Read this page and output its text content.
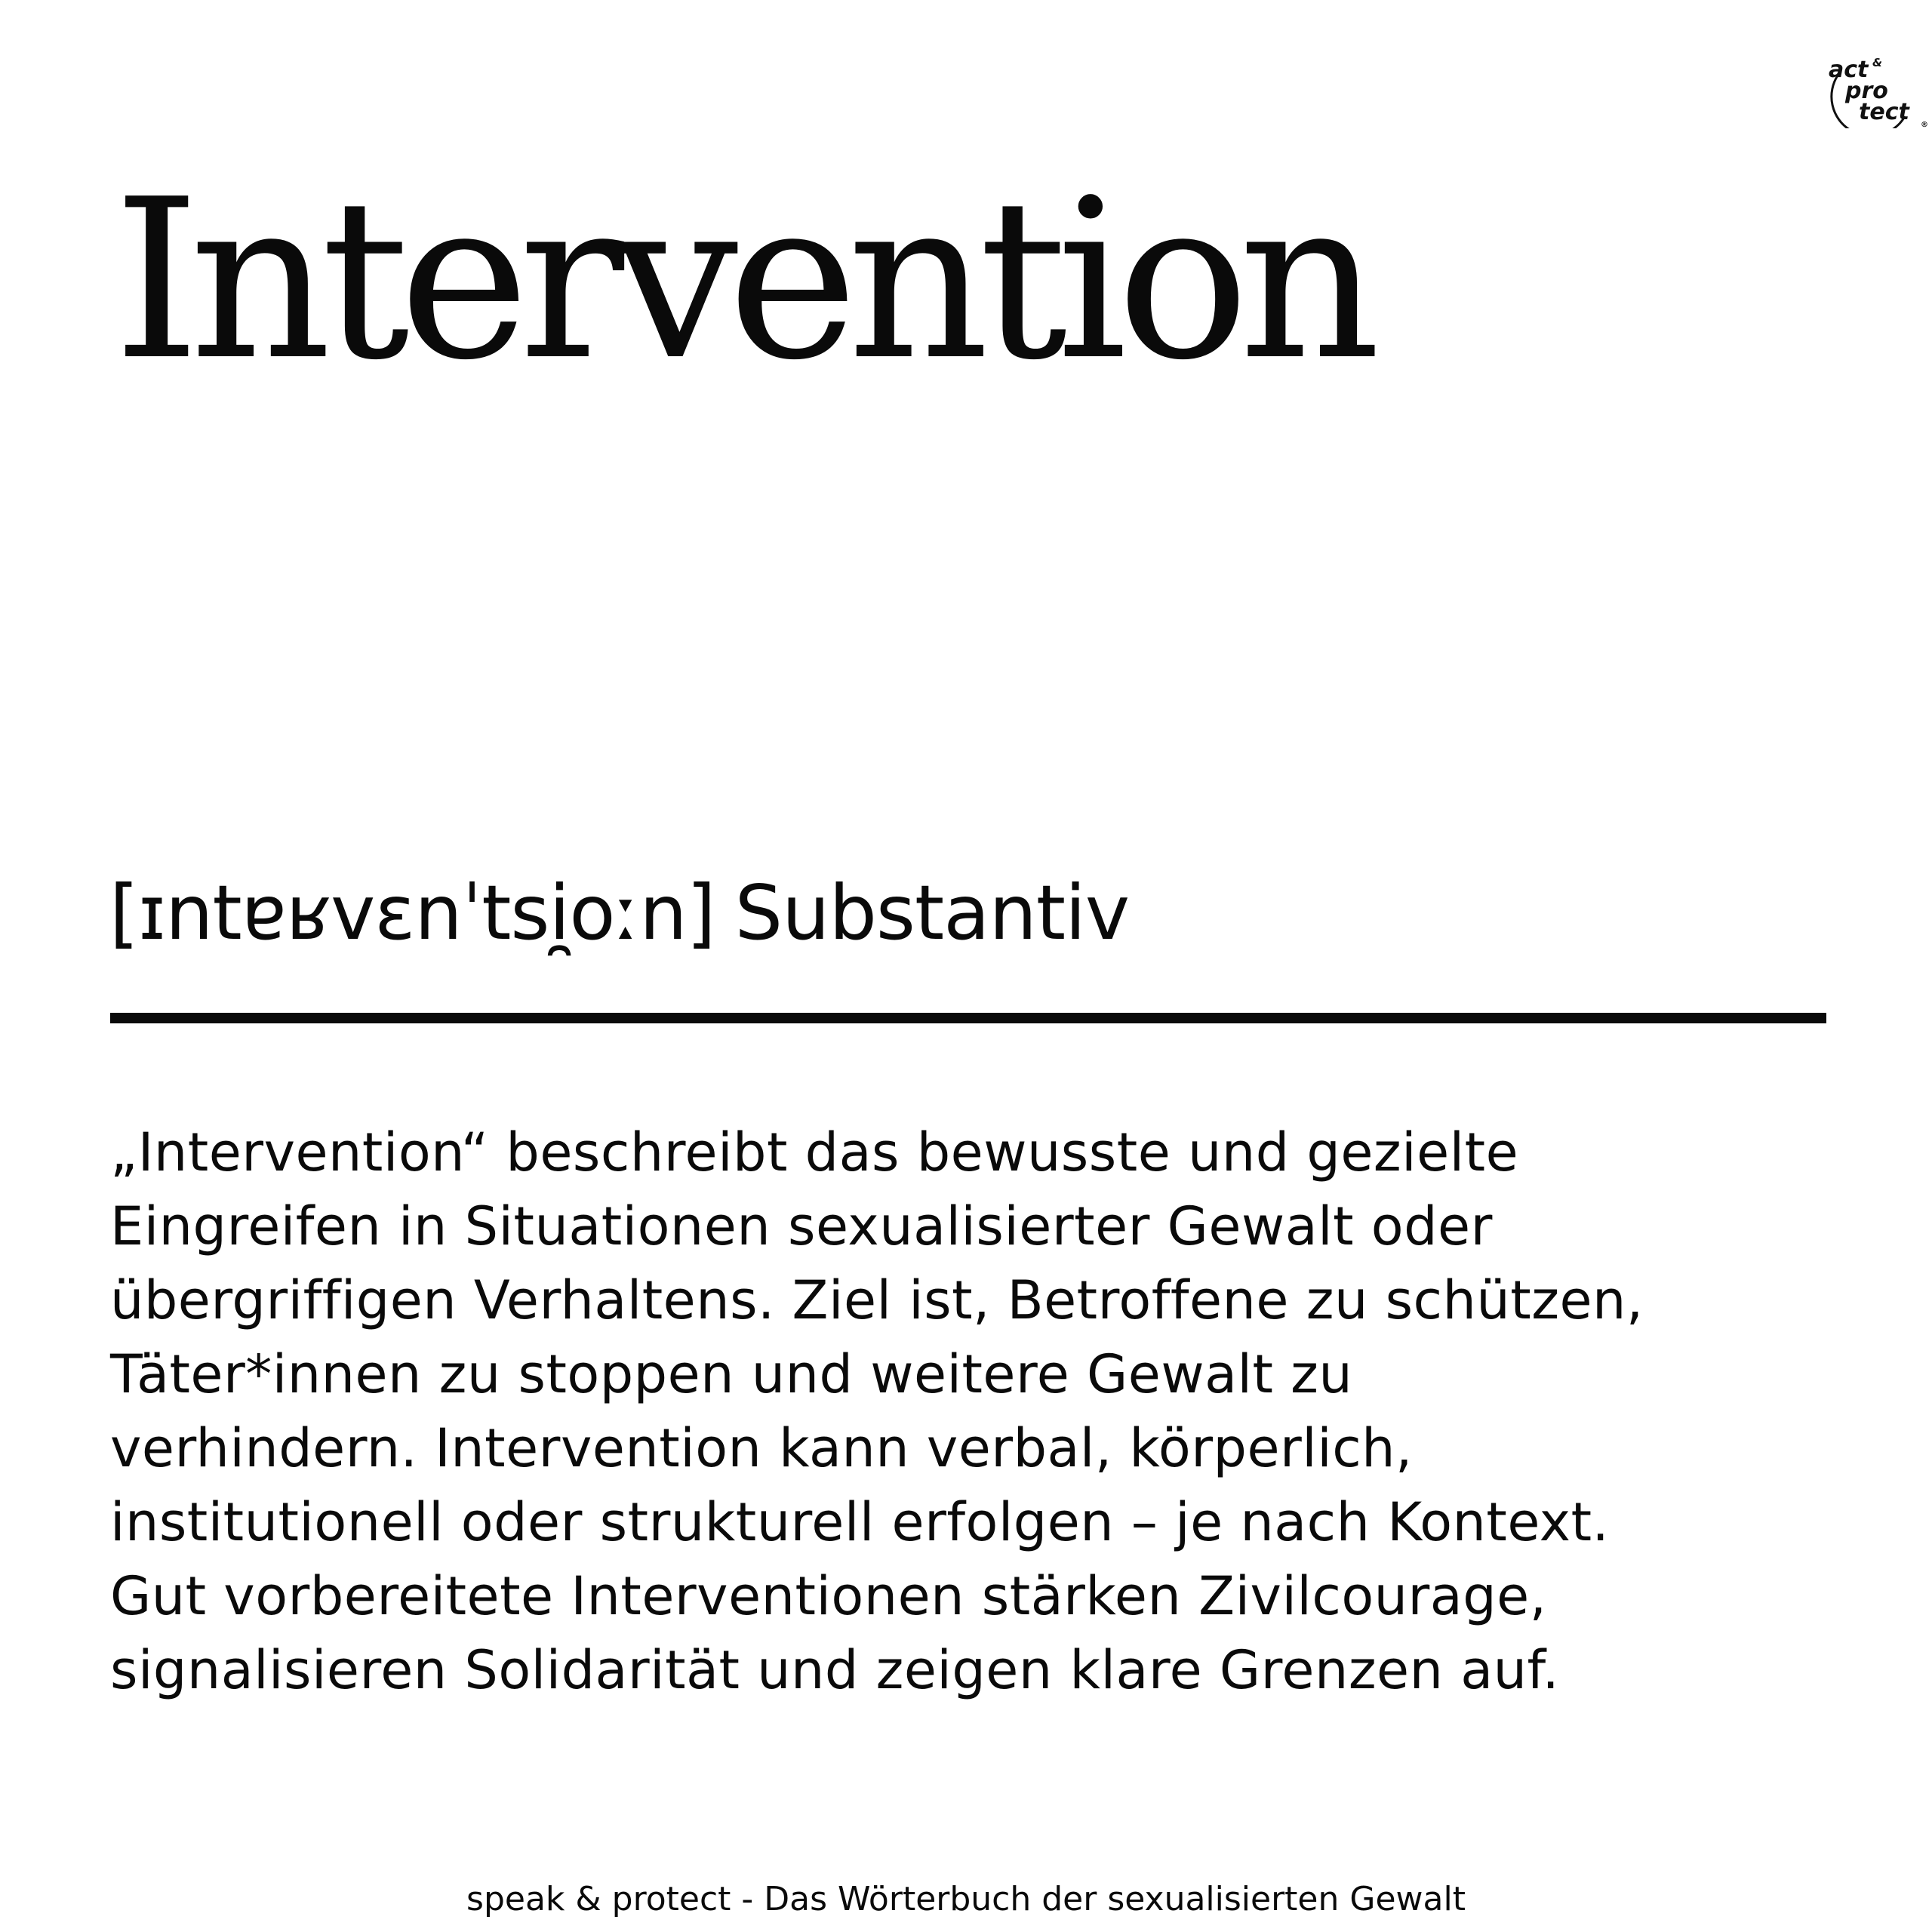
act &
pro
tect ®
Intervention
[ɪntɐʁvɛnˈtsi̯oːn] Substantiv
„Intervention“ beschreibt das bewusste und gezielte
Eingreifen in Situationen sexualisierter Gewalt oder
übergriffigen Verhaltens. Ziel ist, Betroffene zu schützen,
Täter*innen zu stoppen und weitere Gewalt zu
verhindern. Intervention kann verbal, körperlich,
institutionell oder strukturell erfolgen – je nach Kontext.
Gut vorbereitete Interventionen stärken Zivilcourage,
signalisieren Solidarität und zeigen klare Grenzen auf.
speak & protect - Das Wörterbuch der sexualisierten Gewalt
